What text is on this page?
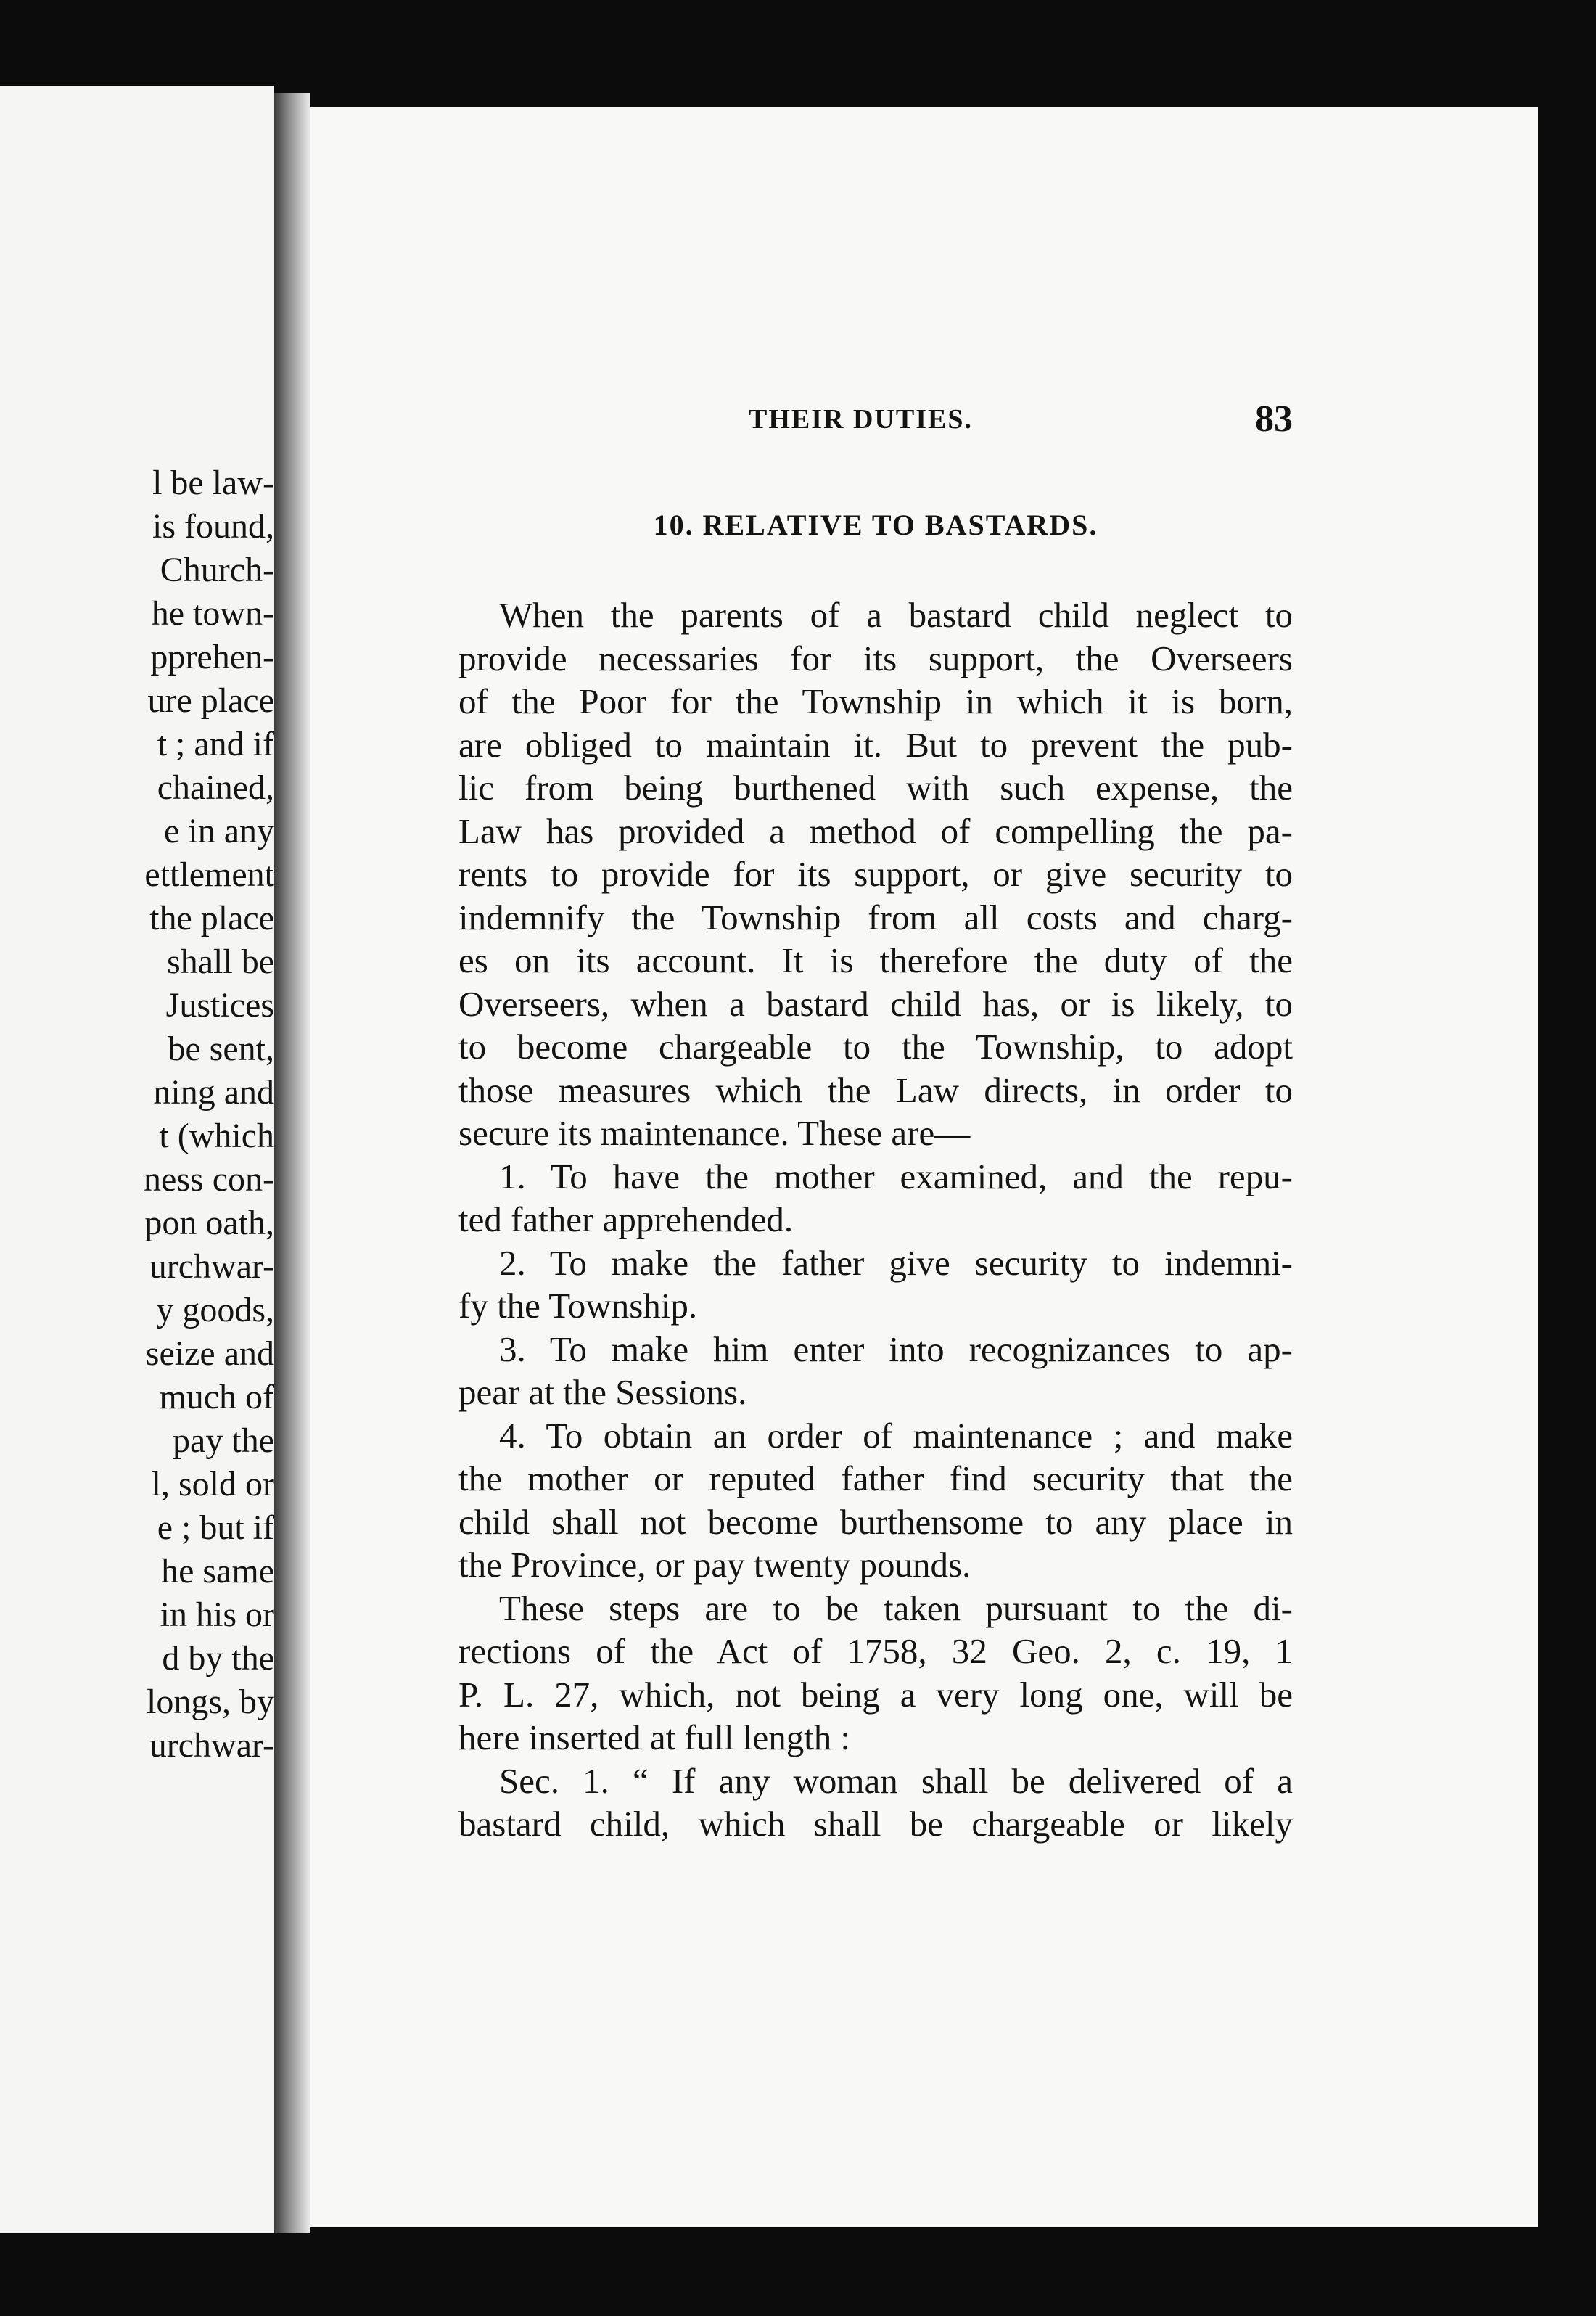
l be law-
is found,
Church-
he town-
pprehen-
ure place
t ; and if
chained,
e in any
ettlement
the place
shall be
Justices
be sent,
ning and
t (which
ness con-
pon oath,
urchwar-
y goods,
seize and
much of
pay the
l, sold or
e ; but if
he same
in his or
d by the
longs, by
urchwar-
THEIR DUTIES.	83
10. RELATIVE TO BASTARDS.
When the parents of a bastard child neglect to
provide necessaries for its support, the Overseers
of the Poor for the Township in which it is born,
are obliged to maintain it. But to prevent the pub-
lic from being burthened with such expense, the
Law has provided a method of compelling the pa-
rents to provide for its support, or give security to
indemnify the Township from all costs and charg-
es on its account. It is therefore the duty of the
Overseers, when a bastard child has, or is likely, to
to become chargeable to the Township, to adopt
those measures which the Law directs, in order to
secure its maintenance. These are—
1. To have the mother examined, and the repu-
ted father apprehended.
2. To make the father give security to indemni-
fy the Township.
3. To make him enter into recognizances to ap-
pear at the Sessions.
4. To obtain an order of maintenance ; and make
the mother or reputed father find security that the
child shall not become burthensome to any place in
the Province, or pay twenty pounds.
These steps are to be taken pursuant to the di-
rections of the Act of 1758, 32 Geo. 2, c. 19, 1
P. L. 27, which, not being a very long one, will be
here inserted at full length :
Sec. 1. “ If any woman shall be delivered of a
bastard child, which shall be chargeable or likely
